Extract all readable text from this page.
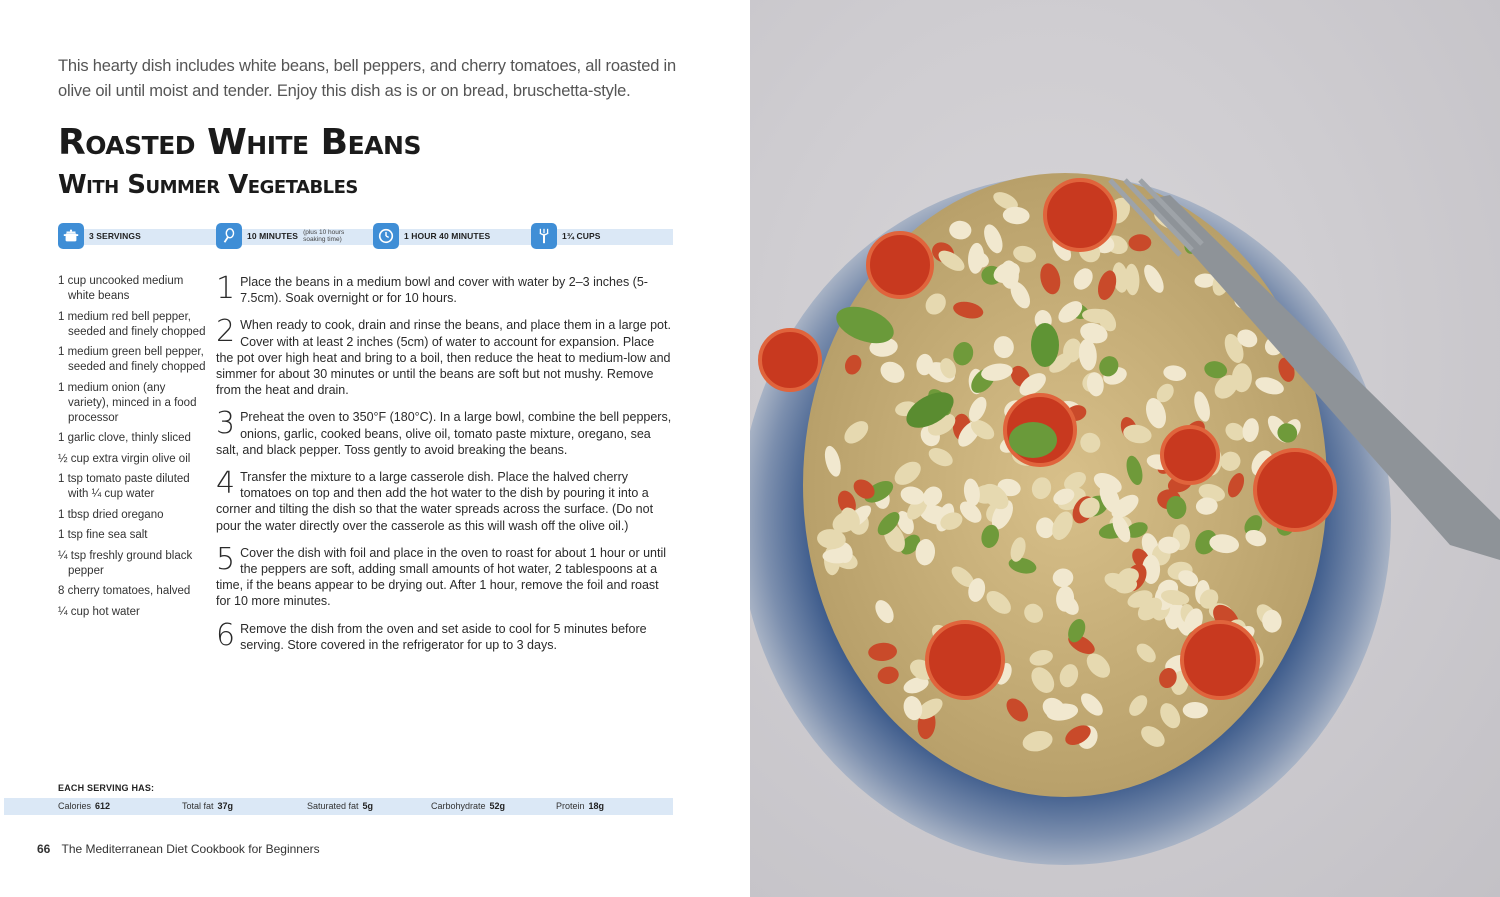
This hearty dish includes white beans, bell peppers, and cherry tomatoes, all roasted in olive oil until moist and tender. Enjoy this dish as is or on bread, bruschetta-style.

Roasted White Beans
With Summer Vegetables
3 SERVINGS	10 MINUTES (plus 10 hours soaking time)	1 HOUR 40 MINUTES	1¾ CUPS
1 cup uncooked medium white beans
1 medium red bell pepper, seeded and finely chopped
1 medium green bell pepper, seeded and finely chopped
1 medium onion (any variety), minced in a food processor
1 garlic clove, thinly sliced
½ cup extra virgin olive oil
1 tsp tomato paste diluted with ¼ cup water
1 tbsp dried oregano
1 tsp fine sea salt
¼ tsp freshly ground black pepper
8 cherry tomatoes, halved
¼ cup hot water
1 Place the beans in a medium bowl and cover with water by 2–3 inches (5-7.5cm). Soak overnight or for 10 hours.
2 When ready to cook, drain and rinse the beans, and place them in a large pot. Cover with at least 2 inches (5cm) of water to account for expansion. Place the pot over high heat and bring to a boil, then reduce the heat to medium-low and simmer for about 30 minutes or until the beans are soft but not mushy. Remove from the heat and drain.
3 Preheat the oven to 350°F (180°C). In a large bowl, combine the bell peppers, onions, garlic, cooked beans, olive oil, tomato paste mixture, oregano, sea salt, and black pepper. Toss gently to avoid breaking the beans.
4 Transfer the mixture to a large casserole dish. Place the halved cherry tomatoes on top and then add the hot water to the dish by pouring it into a corner and tilting the dish so that the water spreads across the surface. (Do not pour the water directly over the casserole as this will wash off the olive oil.)
5 Cover the dish with foil and place in the oven to roast for about 1 hour or until the peppers are soft, adding small amounts of hot water, 2 tablespoons at a time, if the beans appear to be drying out. After 1 hour, remove the foil and roast for 10 more minutes.
6 Remove the dish from the oven and set aside to cool for 5 minutes before serving. Store covered in the refrigerator for up to 3 days.
EACH SERVING HAS:
Calories 612	Total fat 37g	Saturated fat 5g	Carbohydrate 52g	Protein 18g
66 The Mediterranean Diet Cookbook for Beginners
